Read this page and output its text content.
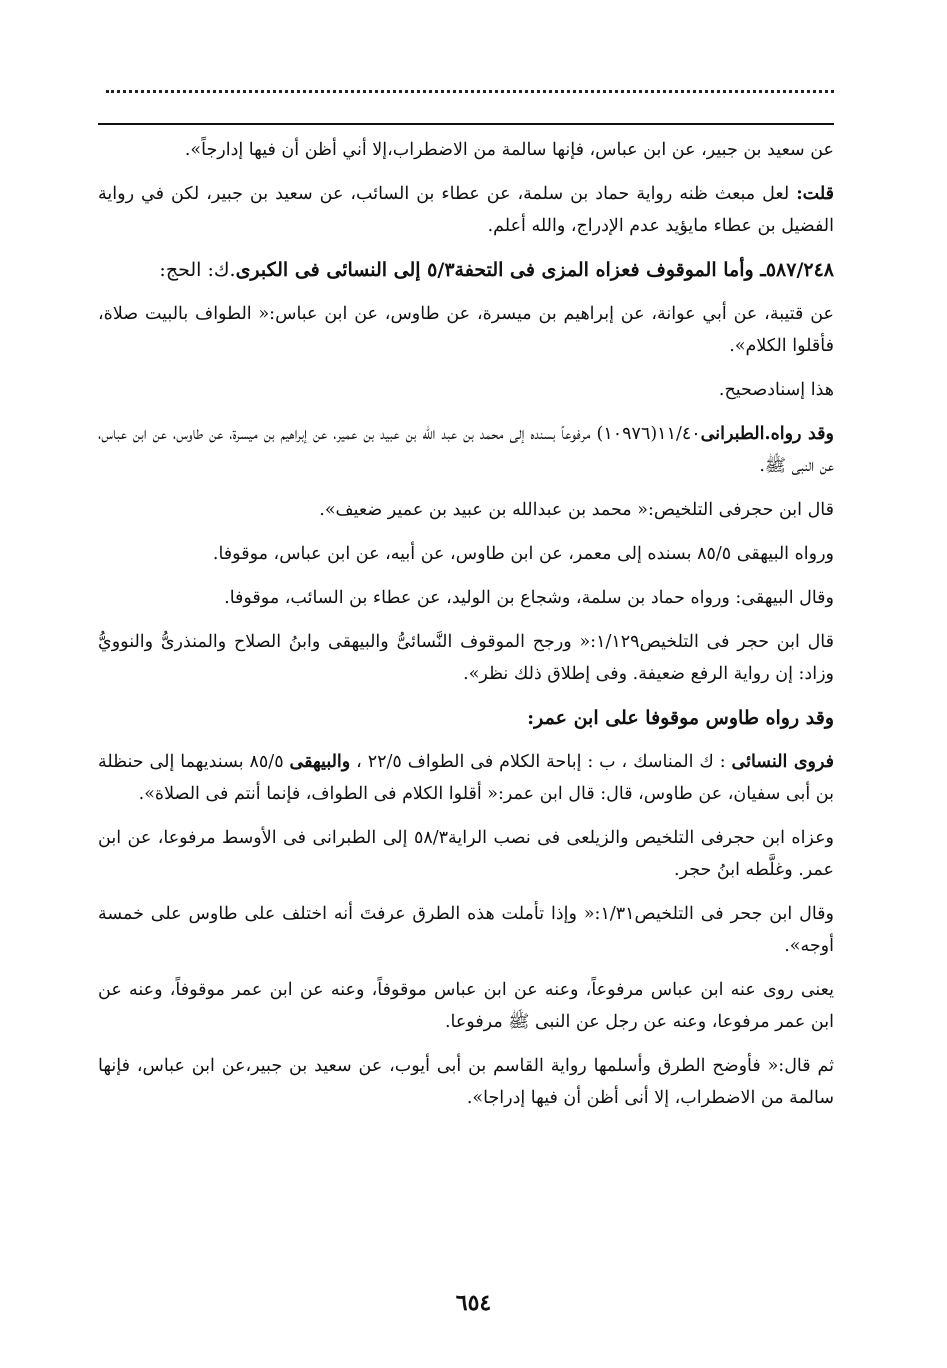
عن سعيد بن جبير، عن ابن عباس، فإنها سالمة من الاضطراب،إلا أني أظن أن فيها إدارجاً».

قلت: لعل مبعث ظنه رواية حماد بن سلمة، عن عطاء بن السائب، عن سعيد بن جبير، لكن في رواية الفضيل بن عطاء مايؤيد عدم الإدراج، والله أعلم.

٥٨٧/٢٤٨ـ وأما الموقوف فعزاه المزى فى التحفة٥/٣ إلى النسائى فى الكبرى.ك: الحج:

عن قتيبة، عن أبي عوانة، عن إبراهيم بن ميسرة، عن طاوس، عن ابن عباس:« الطواف بالبيت صلاة، فأقلوا الكلام».

هذا إسنادصحيح.

وقد رواه.الطبرانى١١/٤٠(١٠٩٧٦) مرفوعاً بسنده إلى محمد بن عبد الله بن عبيد بن عمير، عن إبراهيم بن ميسرة، عن طاوس، عن ابن عباس، عن النبى ﷺ.

قال ابن حجرفى التلخيص:« محمد بن عبدالله بن عبيد بن عمير ضعيف».

ورواه البيهقى ٨٥/٥ بسنده إلى معمر، عن ابن طاوس، عن أبيه، عن ابن عباس، موقوفا.

وقال البيهقى: ورواه حماد بن سلمة، وشجاع بن الوليد، عن عطاء بن السائب، موقوفا.

قال ابن حجر فى التلخيص١/١٢٩:« ورجح الموقوف النَّسائىُّ والبيهقى وابنُ الصلاح والمنذرىُّ والنوويُّ وزاد: إن رواية الرفع ضعيفة. وفى إطلاق ذلك نظر».

وقد رواه طاوس موقوفا على ابن عمر:

فروى النسائى : ك المناسك ، ب : إباحة الكلام فى الطواف ٢٢/٥ ، والبيهقى ٨٥/٥ بسنديهما إلى حنظلة بن أبى سفيان، عن طاوس، قال: قال ابن عمر:« أقلوا الكلام فى الطواف، فإنما أنتم فى الصلاة».

وعزاه ابن حجرفى التلخيص والزيلعى فى نصب الراية٥٨/٣ إلى الطبرانى فى الأوسط مرفوعا، عن ابن عمر. وغلَّطه ابنُ حجر.

وقال ابن جحر فى التلخيص١/٣١:« وإذا تأملت هذه الطرق عرفتَ أنه اختلف على طاوس على خمسة أوجه».

يعنى روى عنه ابن عباس مرفوعاً، وعنه عن ابن عباس موقوفاً، وعنه عن ابن عمر موقوفاً، وعنه عن ابن عمر مرفوعا، وعنه عن رجل عن النبى ﷺ مرفوعا.

ثم قال:« فأوضح الطرق وأسلمها رواية القاسم بن أبى أيوب، عن سعيد بن جبير،عن ابن عباس، فإنها سالمة من الاضطراب، إلا أنى أظن أن فيها إدراجا».

٦٥٤
